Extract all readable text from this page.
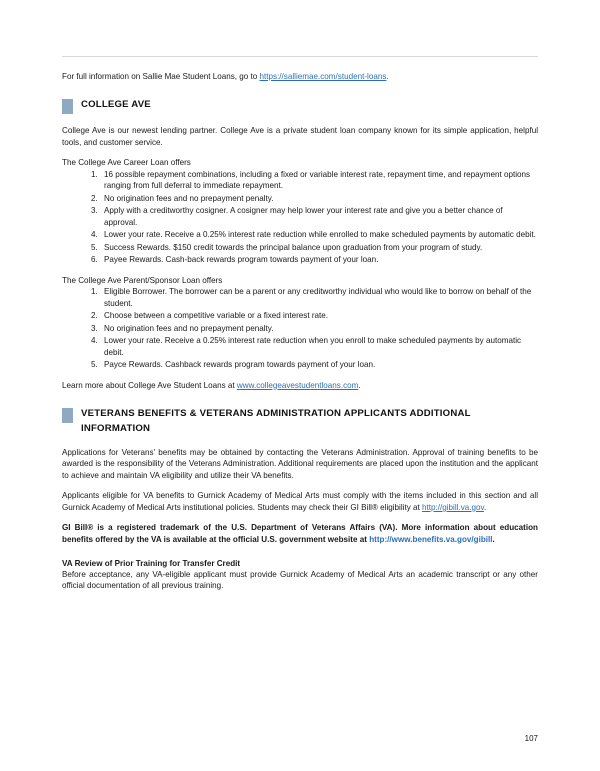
For full information on Sallie Mae Student Loans, go to https://salliemae.com/student-loans.

COLLEGE AVE

College Ave is our newest lending partner. College Ave is a private student loan company known for its simple application, helpful tools, and customer service.

The College Ave Career Loan offers

1. 16 possible repayment combinations, including a fixed or variable interest rate, repayment time, and repayment options ranging from full deferral to immediate repayment.
2. No origination fees and no prepayment penalty.
3. Apply with a creditworthy cosigner. A cosigner may help lower your interest rate and give you a better chance of approval.
4. Lower your rate. Receive a 0.25% interest rate reduction while enrolled to make scheduled payments by automatic debit.
5. Success Rewards. $150 credit towards the principal balance upon graduation from your program of study.
6. Payee Rewards. Cash-back rewards program towards payment of your loan.

The College Ave Parent/Sponsor Loan offers

1. Eligible Borrower. The borrower can be a parent or any creditworthy individual who would like to borrow on behalf of the student.
2. Choose between a competitive variable or a fixed interest rate.
3. No origination fees and no prepayment penalty.
4. Lower your rate. Receive a 0.25% interest rate reduction when you enroll to make scheduled payments by automatic debit.
5. Payce Rewards. Cashback rewards program towards payment of your loan.

Learn more about College Ave Student Loans at www.collegeavestudentloans.com.

VETERANS BENEFITS & VETERANS ADMINISTRATION APPLICANTS ADDITIONAL INFORMATION

Applications for Veterans' benefits may be obtained by contacting the Veterans Administration. Approval of training benefits to be awarded is the responsibility of the Veterans Administration. Additional requirements are placed upon the institution and the applicant to achieve and maintain VA eligibility and utilize their VA benefits.

Applicants eligible for VA benefits to Gurnick Academy of Medical Arts must comply with the items included in this section and all Gurnick Academy of Medical Arts institutional policies. Students may check their GI Bill® eligibility at http://gibill.va.gov.

GI Bill® is a registered trademark of the U.S. Department of Veterans Affairs (VA). More information about education benefits offered by the VA is available at the official U.S. government website at http://www.benefits.va.gov/gibill.

VA Review of Prior Training for Transfer Credit

Before acceptance, any VA-eligible applicant must provide Gurnick Academy of Medical Arts an academic transcript or any other official documentation of all previous training.

107
